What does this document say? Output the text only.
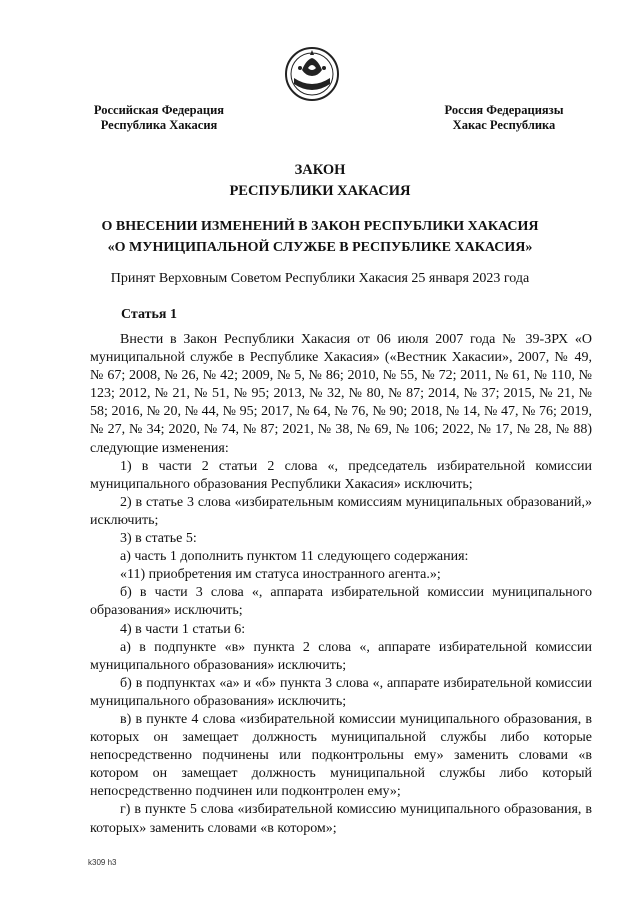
Российская Федерация
Республика Хакасия
Россия Федерациязы
Хакас Республика
ЗАКОН
РЕСПУБЛИКИ ХАКАСИЯ
О ВНЕСЕНИИ ИЗМЕНЕНИЙ В ЗАКОН РЕСПУБЛИКИ ХАКАСИЯ
«О МУНИЦИПАЛЬНОЙ СЛУЖБЕ В РЕСПУБЛИКЕ ХАКАСИЯ»
Принят Верховным Советом Республики Хакасия 25 января 2023 года
Статья 1

Внести в Закон Республики Хакасия от 06 июля 2007 года № 39-ЗРХ «О муниципальной службе в Республике Хакасия» («Вестник Хакасии», 2007, № 49, № 67; 2008, № 26, № 42; 2009, № 5, № 86; 2010, № 55, № 72; 2011, № 61, № 110, № 123; 2012, № 21, № 51, № 95; 2013, № 32, № 80, № 87; 2014, № 37; 2015, № 21, № 58; 2016, № 20, № 44, № 95; 2017, № 64, № 76, № 90; 2018, № 14, № 47, № 76; 2019, № 27, № 34; 2020, № 74, № 87; 2021, № 38, № 69, № 106; 2022, № 17, № 28, № 88) следующие изменения:

1) в части 2 статьи 2 слова «, председатель избирательной комиссии муниципального образования Республики Хакасия» исключить;

2) в статье 3 слова «избирательным комиссиям муниципальных образований,» исключить;

3) в статье 5:

а) часть 1 дополнить пунктом 11 следующего содержания:

«11) приобретения им статуса иностранного агента.»;

б) в части 3 слова «, аппарата избирательной комиссии муниципального образования» исключить;

4) в части 1 статьи 6:

а) в подпункте «в» пункта 2 слова «, аппарате избирательной комиссии муниципального образования» исключить;

б) в подпунктах «а» и «б» пункта 3 слова «, аппарате избирательной комиссии муниципального образования» исключить;

в) в пункте 4 слова «избирательной комиссии муниципального образования, в которых он замещает должность муниципальной службы либо которые непосредственно подчинены или подконтрольны ему» заменить словами «в котором он замещает должность муниципальной службы либо который непосредственно подчинен или подконтролен ему»;

г) в пункте 5 слова «избирательной комиссию муниципального образования, в которых» заменить словами «в котором»;

k309 h3
